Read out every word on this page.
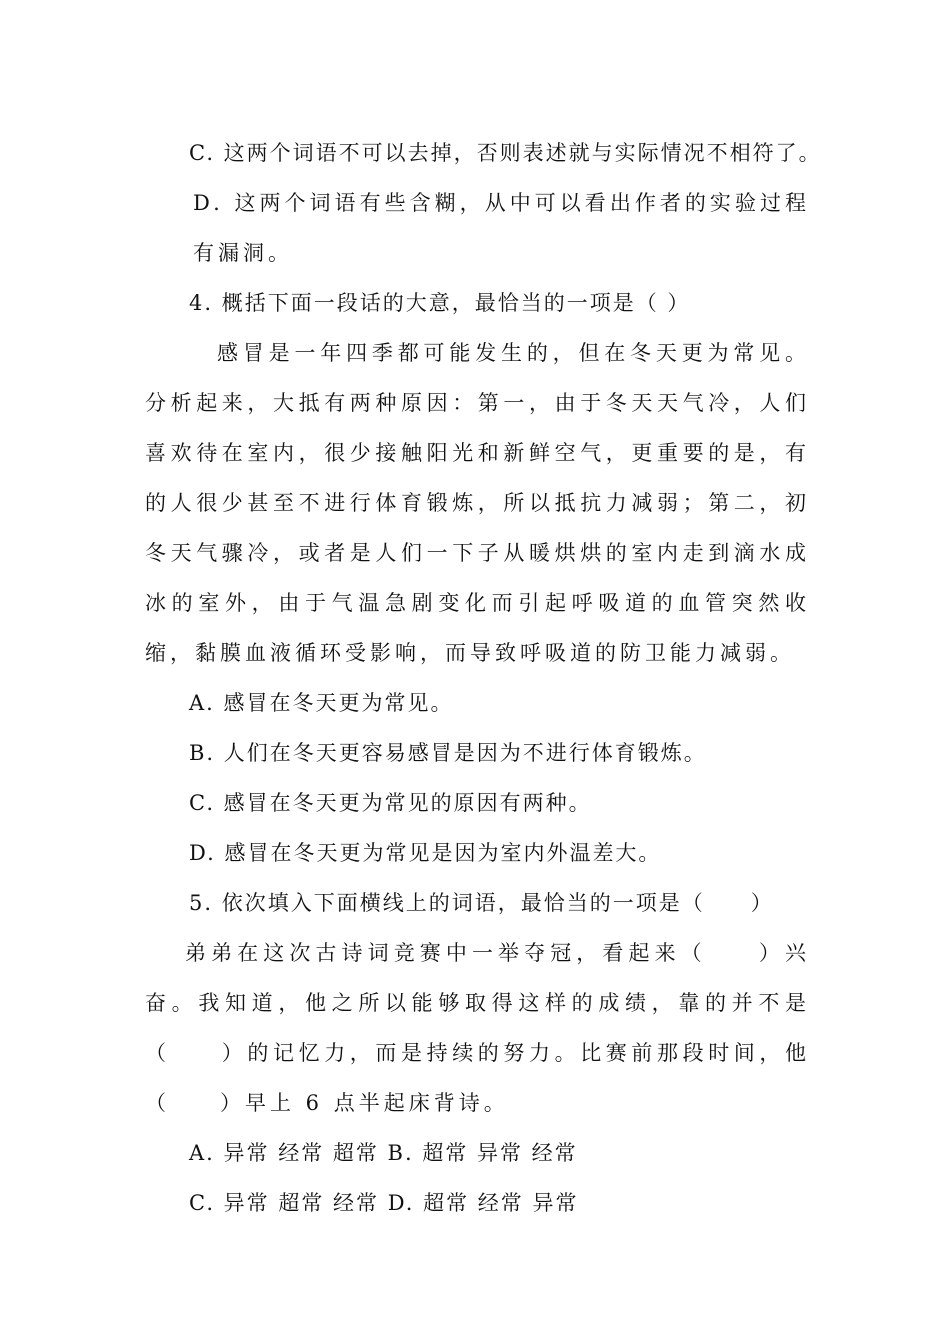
C. 这两个词语不可以去掉，否则表述就与实际情况不相符了。

D. 这两个词语有些含糊，从中可以看出作者的实验过程有漏洞。

4. 概括下面一段话的大意，最恰当的一项是（ ）

感冒是一年四季都可能发生的，但在冬天更为常见。分析起来，大抵有两种原因：第一，由于冬天天气冷，人们喜欢待在室内，很少接触阳光和新鲜空气，更重要的是，有的人很少甚至不进行体育锻炼，所以抵抗力减弱；第二，初冬天气骤冷，或者是人们一下子从暖烘烘的室内走到滴水成冰的室外，由于气温急剧变化而引起呼吸道的血管突然收缩，黏膜血液循环受影响，而导致呼吸道的防卫能力减弱。

A. 感冒在冬天更为常见。

B. 人们在冬天更容易感冒是因为不进行体育锻炼。

C. 感冒在冬天更为常见的原因有两种。

D. 感冒在冬天更为常见是因为室内外温差大。

5. 依次填入下面横线上的词语，最恰当的一项是（　　）

弟弟在这次古诗词竞赛中一举夺冠，看起来（　　）兴奋。我知道，他之所以能够取得这样的成绩，靠的并不是（　　）的记忆力，而是持续的努力。比赛前那段时间，他（　　）早上 6 点半起床背诗。

A. 异常 经常 超常 B. 超常 异常 经常

C. 异常 超常 经常 D. 超常 经常 异常
